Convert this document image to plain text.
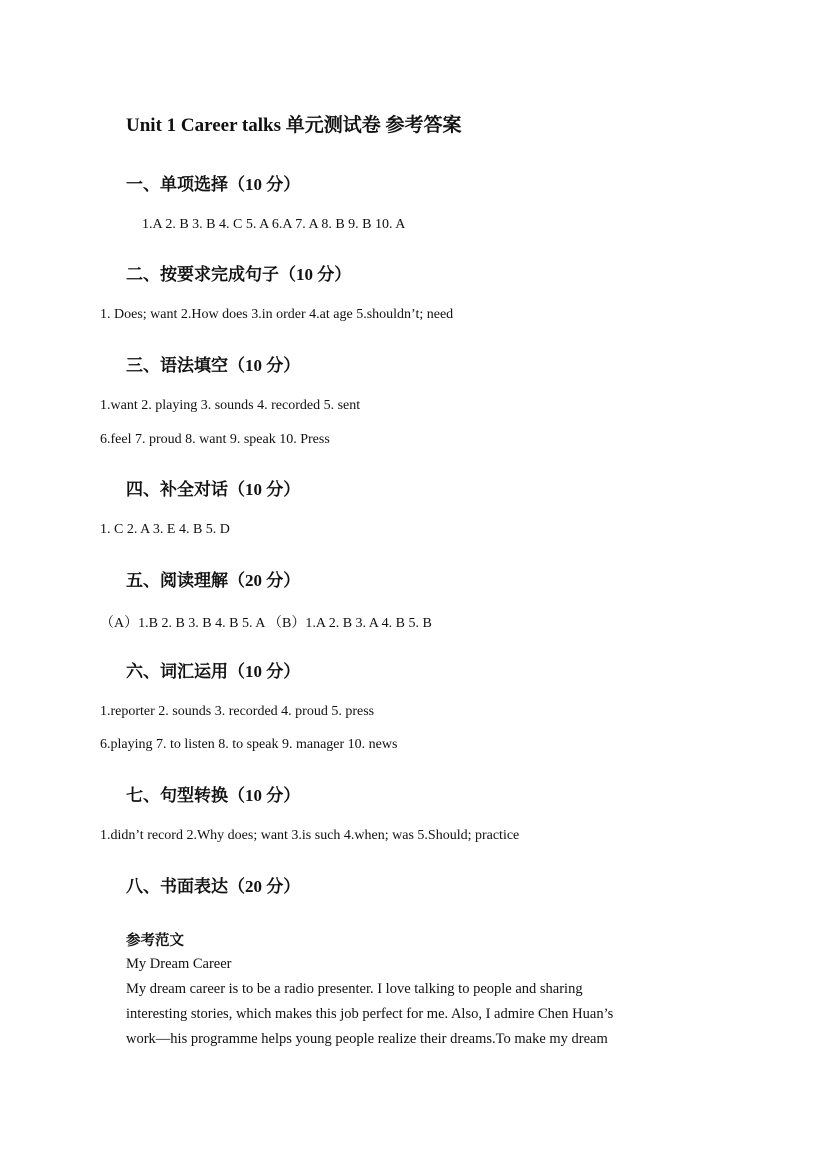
Unit 1 Career talks 单元测试卷 参考答案
一、单项选择（10 分）
1.A 2. B 3. B 4. C 5. A 6.A 7. A 8. B 9. B 10. A
二、按要求完成句子（10 分）
1. Does; want 2.How does 3.in order 4.at age 5.shouldn’t; need
三、语法填空（10 分）
1.want 2. playing 3. sounds 4. recorded 5. sent
6.feel 7. proud 8. want 9. speak 10. Press
四、补全对话（10 分）
1. C 2. A 3. E 4. B 5. D
五、阅读理解（20 分）
（A）1.B 2. B 3. B 4. B 5. A （B）1.A 2. B 3. A 4. B 5. B
六、词汇运用（10 分）
1.reporter 2. sounds 3. recorded 4. proud 5. press
6.playing 7. to listen 8. to speak 9. manager 10. news
七、句型转换（10 分）
1.didn’t record 2.Why does; want 3.is such 4.when; was 5.Should; practice
八、书面表达（20 分）
参考范文
My Dream Career
My dream career is to be a radio presenter. I love talking to people and sharing
interesting stories, which makes this job perfect for me. Also, I admire Chen Huan’s
work—his programme helps young people realize their dreams.To make my dream
